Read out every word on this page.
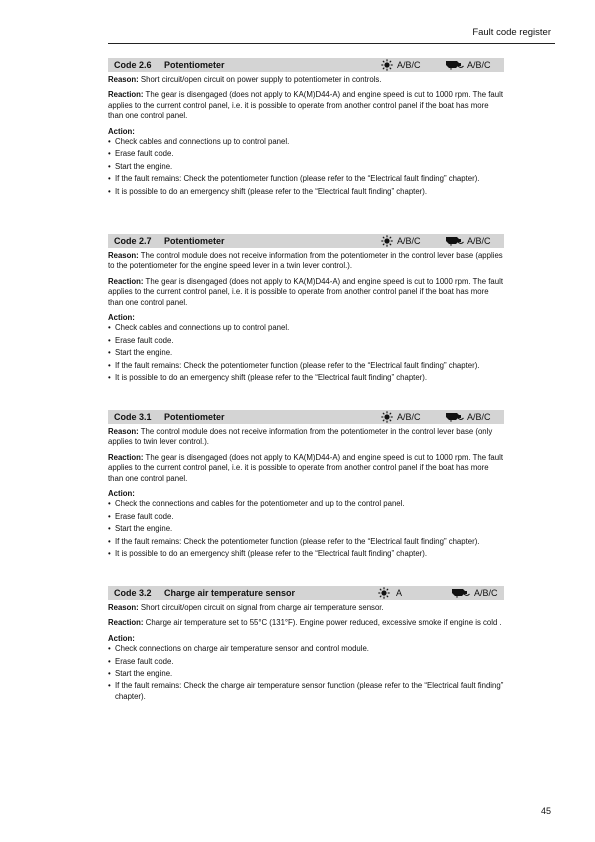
Fault code register
Code 2.6 Potentiometer	A/B/C	A/B/C

Reason: Short circuit/open circuit on power supply to potentiometer in controls.

Reaction: The gear is disengaged (does not apply to KA(M)D44-A) and engine speed is cut to 1000 rpm. The fault applies to the current control panel, i.e. it is possible to operate from another control panel if the boat has more than one control panel.

Action:
• Check cables and connections up to control panel.
• Erase fault code.
• Start the engine.
• If the fault remains: Check the potentiometer function (please refer to the “Electrical fault finding” chapter).
• It is possible to do an emergency shift (please refer to the “Electrical fault finding” chapter).
Code 2.7 Potentiometer	A/B/C	A/B/C

Reason: The control module does not receive information from the potentiometer in the control lever base (applies to the potentiometer for the engine speed lever in a twin lever control.).

Reaction: The gear is disengaged (does not apply to KA(M)D44-A) and engine speed is cut to 1000 rpm. The fault applies to the current control panel, i.e. it is possible to operate from another control panel if the boat has more than one control panel.

Action:
• Check cables and connections up to control panel.
• Erase fault code.
• Start the engine.
• If the fault remains: Check the potentiometer function (please refer to the “Electrical fault finding” chapter).
• It is possible to do an emergency shift (please refer to the “Electrical fault finding” chapter).
Code 3.1 Potentiometer	A/B/C	A/B/C

Reason: The control module does not receive information from the potentiometer in the control lever base (only applies to twin lever control.).

Reaction: The gear is disengaged (does not apply to KA(M)D44-A) and engine speed is cut to 1000 rpm. The fault applies to the current control panel, i.e. it is possible to operate from another control panel if the boat has more than one control panel.

Action:
• Check the connections and cables for the potentiometer and up to the control panel.
• Erase fault code.
• Start the engine.
• If the fault remains: Check the potentiometer function (please refer to the “Electrical fault finding” chapter).
• It is possible to do an emergency shift (please refer to the “Electrical fault finding” chapter).
Code 3.2 Charge air temperature sensor	A	A/B/C

Reason: Short circuit/open circuit on signal from charge air temperature sensor.

Reaction: Charge air temperature set to 55°C (131°F). Engine power reduced, excessive smoke if engine is cold .

Action:
• Check connections on charge air temperature sensor and control module.
• Erase fault code.
• Start the engine.
• If the fault remains: Check the charge air temperature sensor function (please refer to the “Electrical fault finding” chapter).
45
